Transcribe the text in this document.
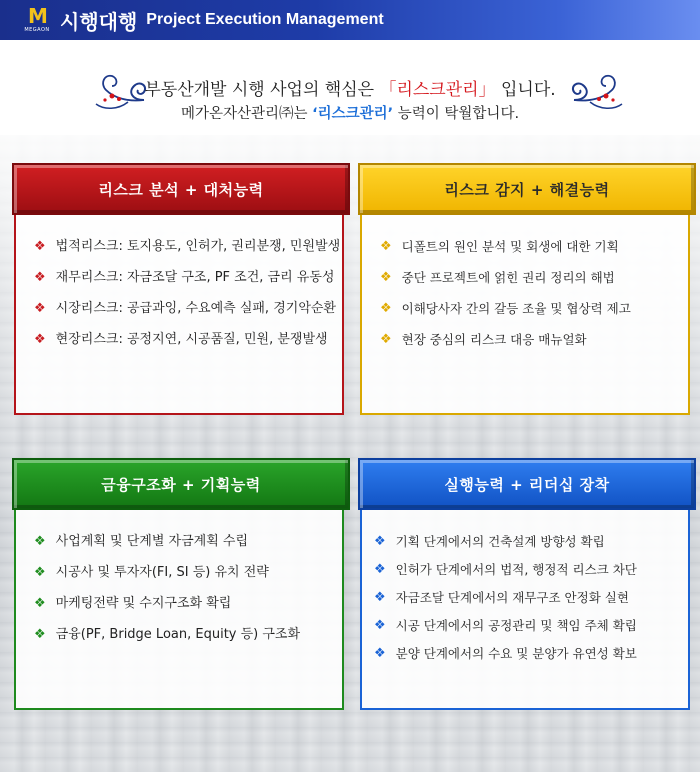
M
MEGAON 시행대행 Project Execution Management
부동산개발 시행 사업의 핵심은 「리스크관리」 입니다.
메가온자산관리㈜는 ‘리스크관리’ 능력이 탁월합니다.
리스크 분석 + 대처능력
❖ 법적리스크: 토지용도, 인허가, 권리분쟁, 민원발생
❖ 재무리스크: 자금조달 구조, PF 조건, 금리 유동성
❖ 시장리스크: 공급과잉, 수요예측 실패, 경기악순환
❖ 현장리스크: 공정지연, 시공품질, 민원, 분쟁발생
리스크 감지 + 해결능력
❖ 디폴트의 원인 분석 및 회생에 대한 기획
❖ 중단 프로젝트에 얽힌 권리 정리의 해법
❖ 이해당사자 간의 갈등 조율 및 협상력 제고
❖ 현장 중심의 리스크 대응 매뉴얼화
금융구조화 + 기획능력
❖ 사업계획 및 단계별 자금계획 수립
❖ 시공사 및 투자자(FI, SI 등) 유치 전략
❖ 마케팅전략 및 수지구조화 확립
❖ 금융(PF, Bridge Loan, Equity 등) 구조화
실행능력 + 리더십 장착
❖ 기획 단계에서의 건축설계 방향성 확립
❖ 인허가 단계에서의 법적, 행정적 리스크 차단
❖ 자금조달 단계에서의 재무구조 안정화 실현
❖ 시공 단계에서의 공정관리 및 책임 주체 확립
❖ 분양 단계에서의 수요 및 분양가 유연성 확보
